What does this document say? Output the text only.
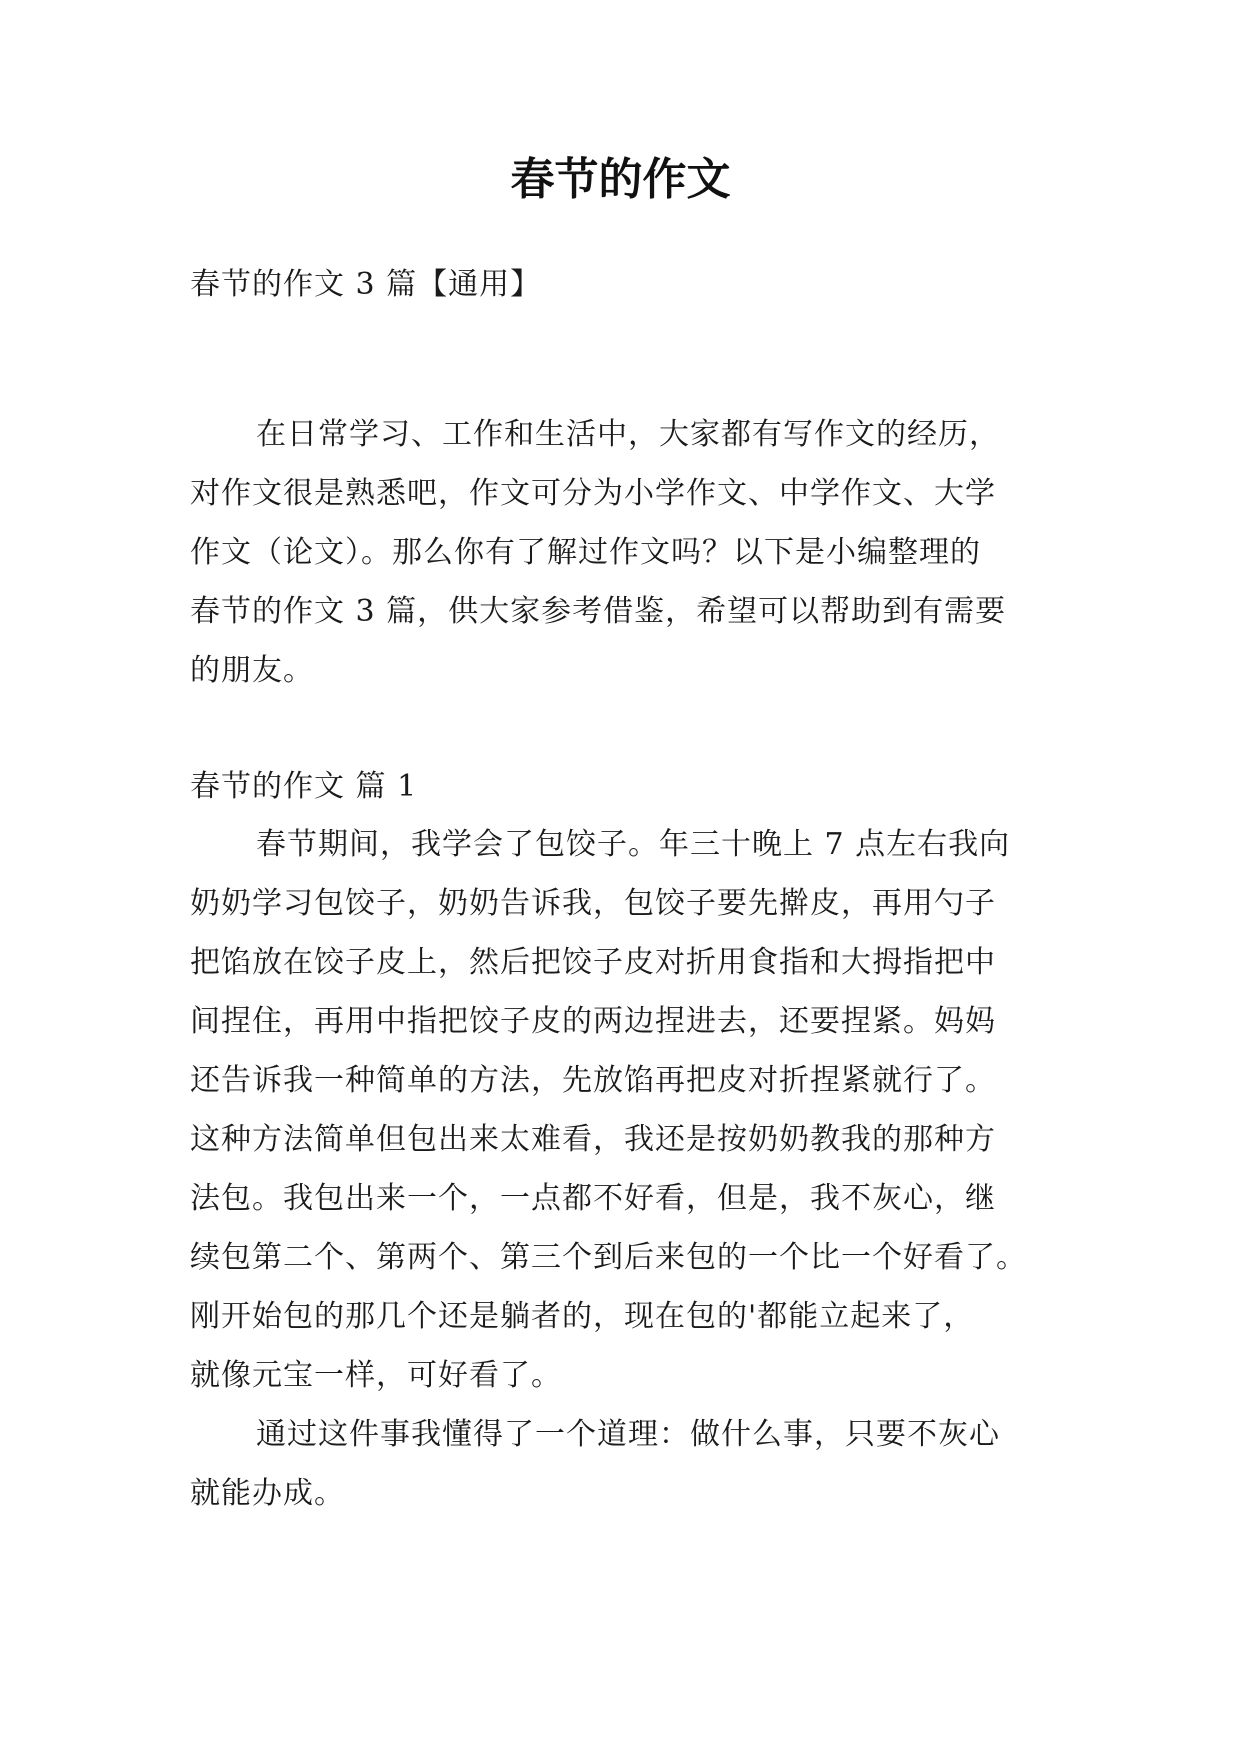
春节的作文
春节的作文 3 篇【通用】
在日常学习、工作和生活中，大家都有写作文的经历，
对作文很是熟悉吧，作文可分为小学作文、中学作文、大学
作文（论文）。那么你有了解过作文吗？以下是小编整理的
春节的作文 3 篇，供大家参考借鉴，希望可以帮助到有需要
的朋友。
春节的作文 篇 1
春节期间，我学会了包饺子。年三十晚上 7 点左右我向
奶奶学习包饺子，奶奶告诉我，包饺子要先擀皮，再用勺子
把馅放在饺子皮上，然后把饺子皮对折用食指和大拇指把中
间捏住，再用中指把饺子皮的两边捏进去，还要捏紧。妈妈
还告诉我一种简单的方法，先放馅再把皮对折捏紧就行了。
这种方法简单但包出来太难看，我还是按奶奶教我的那种方
法包。我包出来一个，一点都不好看，但是，我不灰心，继
续包第二个、第两个、第三个到后来包的一个比一个好看了。
刚开始包的那几个还是躺者的，现在包的'都能立起来了，
就像元宝一样，可好看了。
通过这件事我懂得了一个道理：做什么事，只要不灰心
就能办成。
